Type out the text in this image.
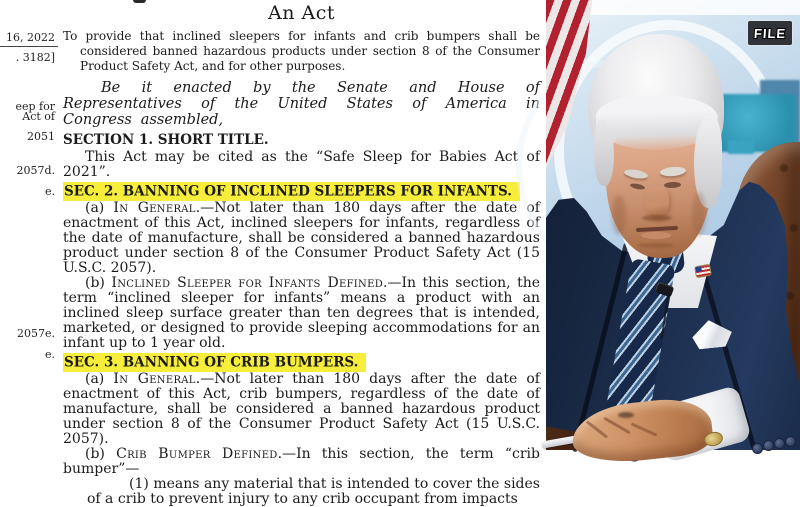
16, 2022
. 3182]
eep for
Act of
2051
2057d.
e.
2057e.
e.
An Act

To provide that inclined sleepers for infants and crib bumpers shall be considered banned hazardous products under section 8 of the Consumer Product Safety Act, and for other purposes.

Be it enacted by the Senate and House of Representatives of the United States of America in Congress assembled,

SECTION 1. SHORT TITLE.

This Act may be cited as the “Safe Sleep for Babies Act of 2021”.

SEC. 2. BANNING OF INCLINED SLEEPERS FOR INFANTS.

(a) In General.—Not later than 180 days after the date of enactment of this Act, inclined sleepers for infants, regardless of the date of manufacture, shall be considered a banned hazardous product under section 8 of the Consumer Product Safety Act (15 U.S.C. 2057).

(b) Inclined Sleeper for Infants Defined.—In this section, the term “inclined sleeper for infants” means a product with an inclined sleep surface greater than ten degrees that is intended, marketed, or designed to provide sleeping accommodations for an infant up to 1 year old.

SEC. 3. BANNING OF CRIB BUMPERS.

(a) In General.—Not later than 180 days after the date of enactment of this Act, crib bumpers, regardless of the date of manufacture, shall be considered a banned hazardous product under section 8 of the Consumer Product Safety Act (15 U.S.C. 2057).

(b) Crib Bumper Defined.—In this section, the term “crib bumper”—

(1) means any material that is intended to cover the sides of a crib to prevent injury to any crib occupant from impacts

FILE
